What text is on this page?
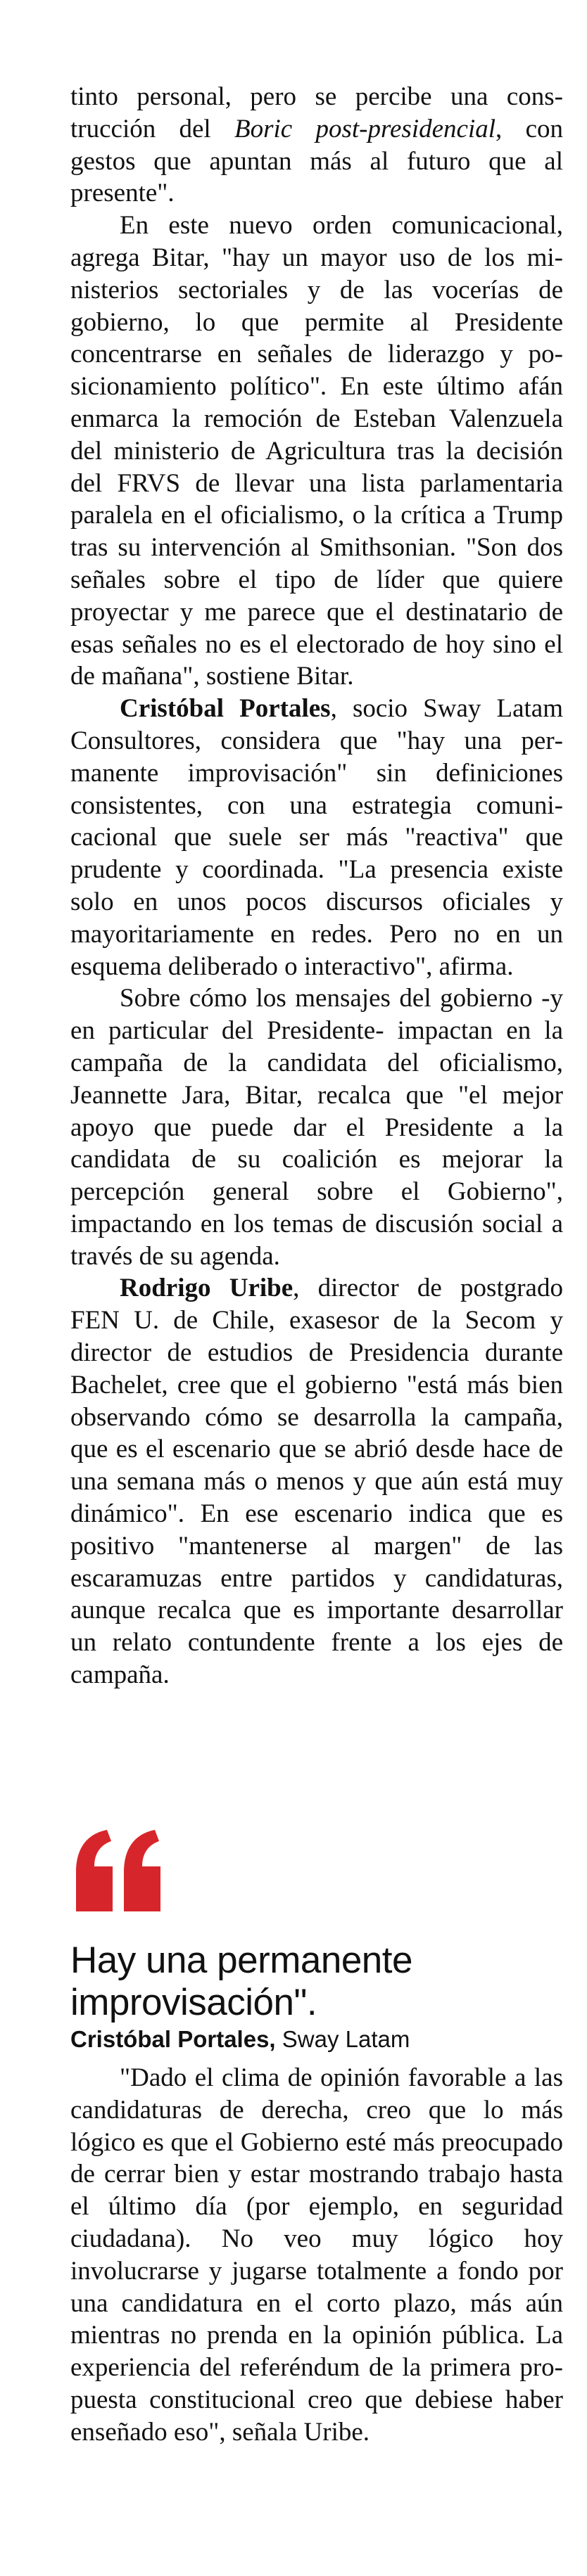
tinto personal, pero se percibe una construcción del Boric post-presidencial, con gestos que apuntan más al futuro que al presente".

En este nuevo orden comunicacional, agrega Bitar, "hay un mayor uso de los ministerios sectoriales y de las vocerías de gobierno, lo que permite al Presidente concentrarse en señales de liderazgo y posicionamiento político". En este último afán enmarca la remoción de Esteban Valenzuela del ministerio de Agricultura tras la decisión del FRVS de llevar una lista parlamentaria paralela en el oficialismo, o la crítica a Trump tras su intervención al Smithsonian. "Son dos señales sobre el tipo de líder que quiere proyectar y me parece que el destinatario de esas señales no es el electorado de hoy sino el de mañana", sostiene Bitar.

Cristóbal Portales, socio Sway Latam Consultores, considera que "hay una permanente improvisación" sin definiciones consistentes, con una estrategia comunicacional que suele ser más "reactiva" que prudente y coordinada. "La presencia existe solo en unos pocos discursos oficiales y mayoritariamente en redes. Pero no en un esquema deliberado o interactivo", afirma.

Sobre cómo los mensajes del gobierno -y en particular del Presidente- impactan en la campaña de la candidata del oficialismo, Jeannette Jara, Bitar, recalca que "el mejor apoyo que puede dar el Presidente a la candidata de su coalición es mejorar la percepción general sobre el Gobierno", impactando en los temas de discusión social a través de su agenda.

Rodrigo Uribe, director de postgrado FEN U. de Chile, exasesor de la Secom y director de estudios de Presidencia durante Bachelet, cree que el gobierno "está más bien observando cómo se desarrolla la campaña, que es el escenario que se abrió desde hace de una semana más o menos y que aún está muy dinámico". En ese escenario indica que es positivo "mantenerse al margen" de las escaramuzas entre partidos y candidaturas, aunque recalca que es importante desarrollar un relato contundente frente a los ejes de campaña.

Hay una permanente improvisación".
Cristóbal Portales, Sway Latam

"Dado el clima de opinión favorable a las candidaturas de derecha, creo que lo más lógico es que el Gobierno esté más preocupado de cerrar bien y estar mostrando trabajo hasta el último día (por ejemplo, en seguridad ciudadana). No veo muy lógico hoy involucrarse y jugarse totalmente a fondo por una candidatura en el corto plazo, más aún mientras no prenda en la opinión pública. La experiencia del referéndum de la primera propuesta constitucional creo que debiese haber enseñado eso", señala Uribe.
